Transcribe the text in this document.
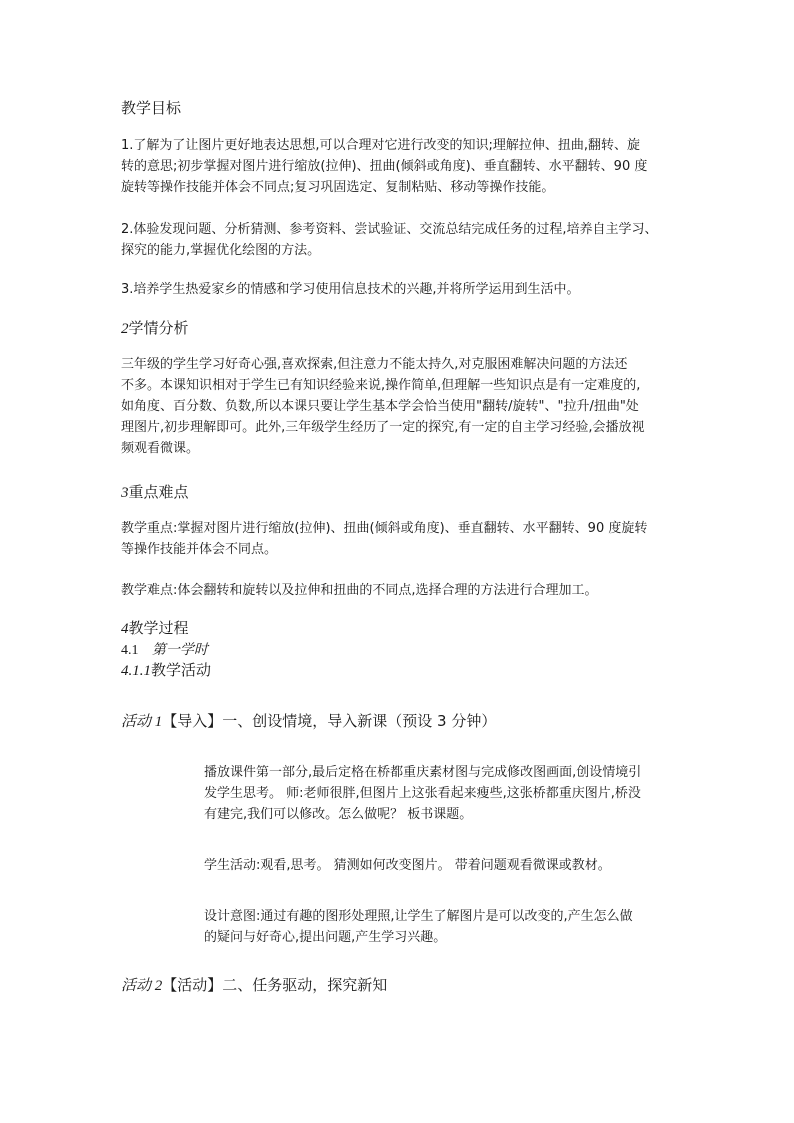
教学目标
1.了解为了让图片更好地表达思想,可以合理对它进行改变的知识;理解拉伸、扭曲,翻转、旋
转的意思;初步掌握对图片进行缩放(拉伸)、扭曲(倾斜或角度)、垂直翻转、水平翻转、90 度
旋转等操作技能并体会不同点;复习巩固选定、复制粘贴、移动等操作技能。
2.体验发现问题、分析猜测、参考资料、尝试验证、交流总结完成任务的过程,培养自主学习、
探究的能力,掌握优化绘图的方法。
3.培养学生热爱家乡的情感和学习使用信息技术的兴趣,并将所学运用到生活中。
2学情分析
三年级的学生学习好奇心强,喜欢探索,但注意力不能太持久,对克服困难解决问题的方法还
不多。本课知识相对于学生已有知识经验来说,操作简单,但理解一些知识点是有一定难度的,
如角度、百分数、负数,所以本课只要让学生基本学会恰当使用"翻转/旋转"、"拉升/扭曲"处
理图片,初步理解即可。此外,三年级学生经历了一定的探究,有一定的自主学习经验,会播放视
频观看微课。
3重点难点
教学重点:掌握对图片进行缩放(拉伸)、扭曲(倾斜或角度)、垂直翻转、水平翻转、90 度旋转
等操作技能并体会不同点。
教学难点:体会翻转和旋转以及拉伸和扭曲的不同点,选择合理的方法进行合理加工。
4教学过程
4.1 第一学时
4.1.1教学活动
活动 1【导入】一、创设情境，导入新课（预设 3 分钟）
播放课件第一部分,最后定格在桥都重庆素材图与完成修改图画面,创设情境引
发学生思考。 师:老师很胖,但图片上这张看起来瘦些,这张桥都重庆图片,桥没
有建完,我们可以修改。怎么做呢？ 板书课题。
学生活动:观看,思考。 猜测如何改变图片。 带着问题观看微课或教材。
设计意图:通过有趣的图形处理照,让学生了解图片是可以改变的,产生怎么做
的疑问与好奇心,提出问题,产生学习兴趣。
活动 2【活动】二、任务驱动，探究新知
